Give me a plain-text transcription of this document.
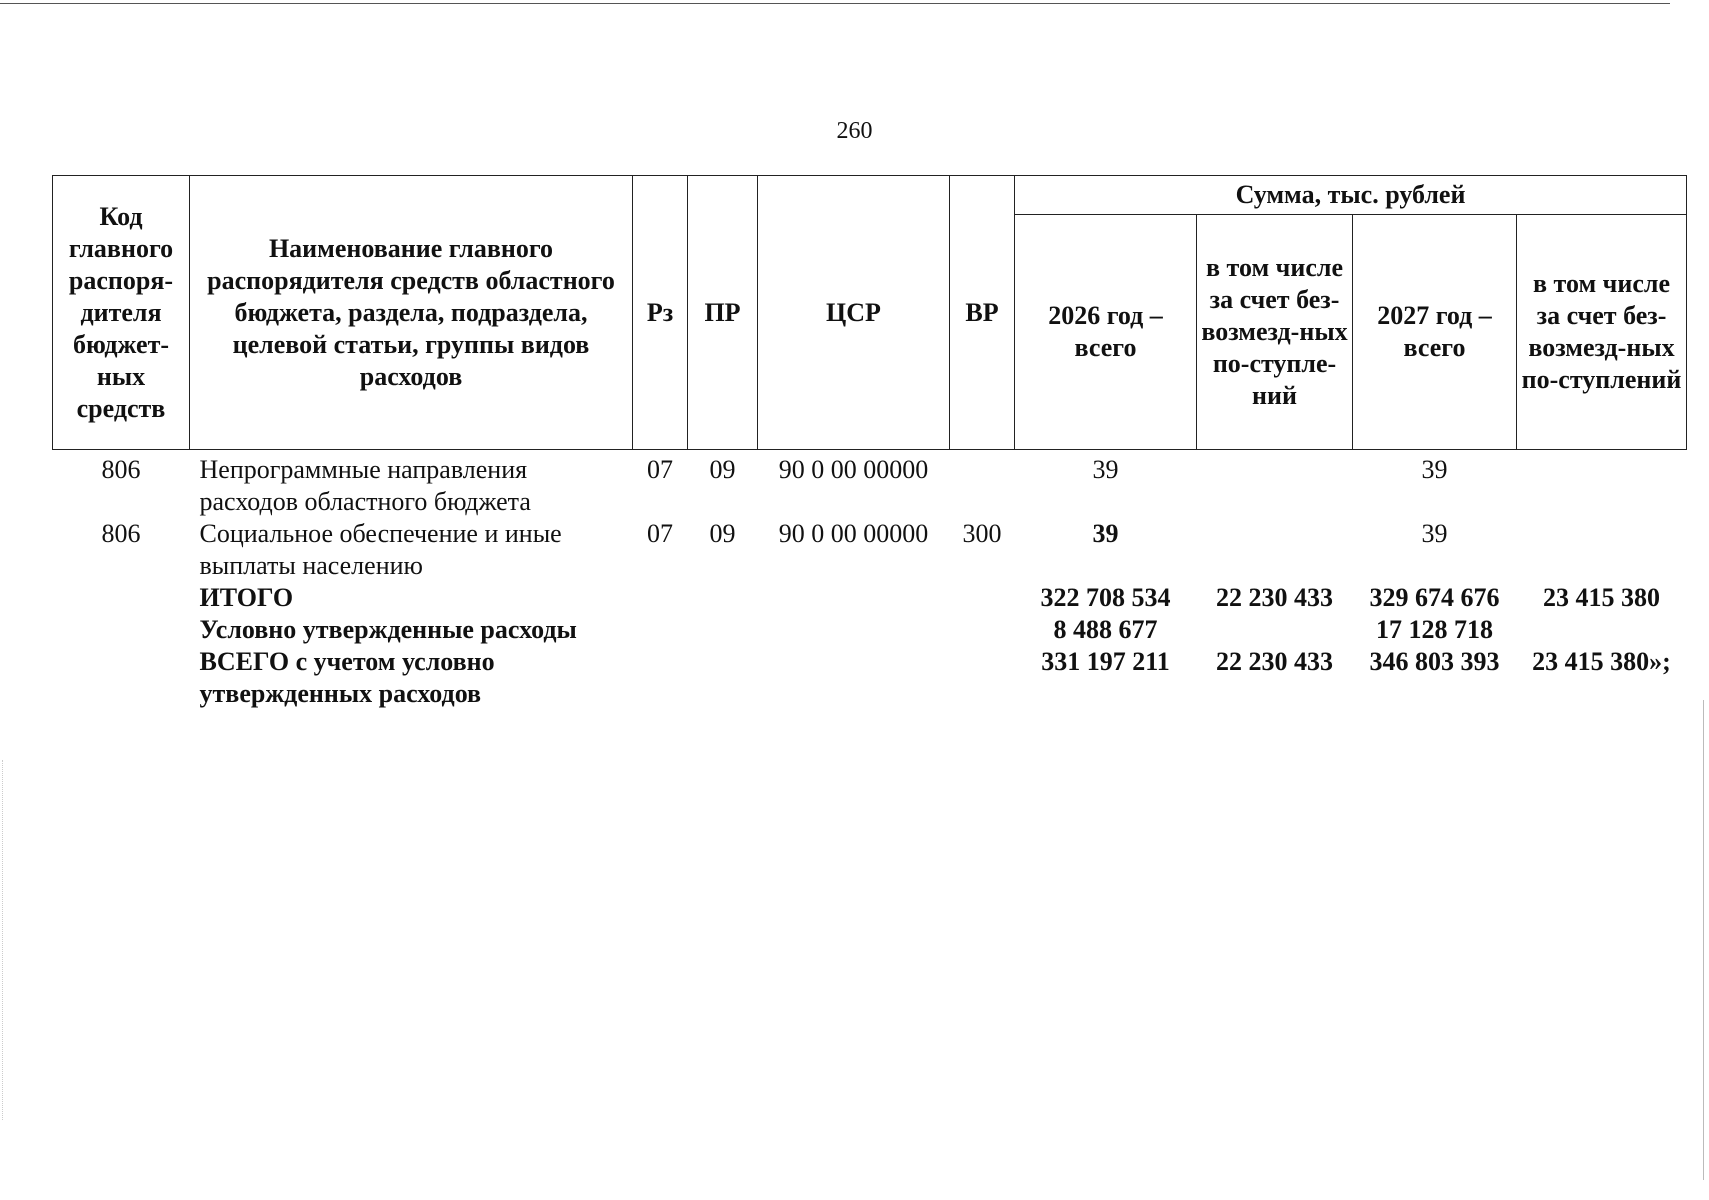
260
Код главного распоря-дителя бюджет-ных средств	Наименование главного распорядителя средств областного бюджета, раздела, подраздела, целевой статьи, группы видов расходов	Рз	ПР	ЦСР	ВР	Сумма, тыс. рублей			
						2026 год – всего	в том числе за счет без-возмезд-ных по-ступле-ний	2027 год – всего	в том числе за счет без-возмезд-ных по-ступлений
806	Непрограммные направления расходов областного бюджета	07	09	90 0 00 00000		39		39	
806	Социальное обеспечение и иные выплаты населению	07	09	90 0 00 00000	300	39		39	
	ИТОГО					322 708 534	22 230 433	329 674 676	23 415 380
	Условно утвержденные расходы					8 488 677		17 128 718	
	ВСЕГО с учетом условно утвержденных расходов					331 197 211	22 230 433	346 803 393	23 415 380»;
